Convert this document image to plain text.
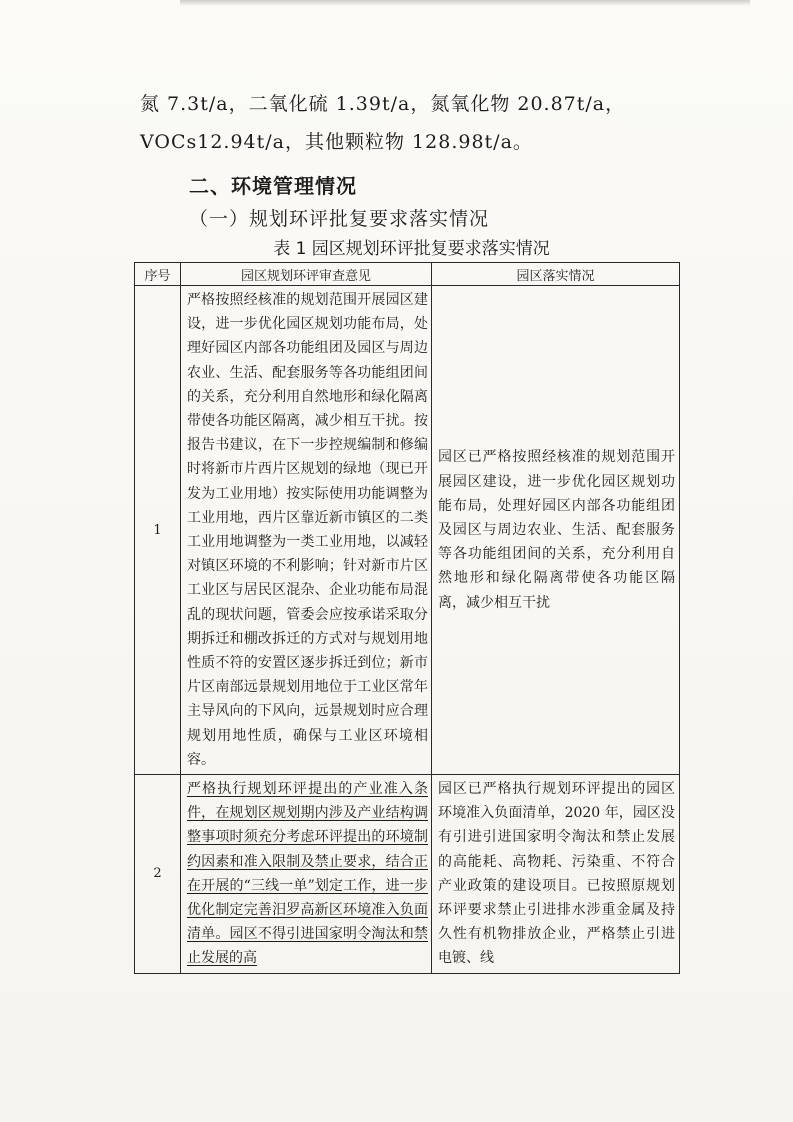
氮 7.3t/a，二氧化硫 1.39t/a，氮氧化物 20.87t/a，
VOCs12.94t/a，其他颗粒物 128.98t/a。
二、环境管理情况
（一）规划环评批复要求落实情况
表 1 园区规划环评批复要求落实情况
序号	园区规划环评审查意见	园区落实情况
1	严格按照经核准的规划范围开展园区建设，进一步优化园区规划功能布局，处理好园区内部各功能组团及园区与周边农业、生活、配套服务等各功能组团间的关系，充分利用自然地形和绿化隔离带使各功能区隔离，减少相互干扰。按报告书建议，在下一步控规编制和修编时将新市片西片区规划的绿地（现已开发为工业用地）按实际使用功能调整为工业用地，西片区靠近新市镇区的二类工业用地调整为一类工业用地，以减轻对镇区环境的不利影响；针对新市片区工业区与居民区混杂、企业功能布局混乱的现状问题，管委会应按承诺采取分期拆迁和棚改拆迁的方式对与规划用地性质不符的安置区逐步拆迁到位；新市片区南部远景规划用地位于工业区常年主导风向的下风向，远景规划时应合理规划用地性质，确保与工业区环境相容。	园区已严格按照经核准的规划范围开展园区建设，进一步优化园区规划功能布局，处理好园区内部各功能组团及园区与周边农业、生活、配套服务等各功能组团间的关系，充分利用自然地形和绿化隔离带使各功能区隔离，减少相互干扰
2	严格执行规划环评提出的产业准入条件，在规划区规划期内涉及产业结构调整事项时须充分考虑环评提出的环境制约因素和准入限制及禁止要求，结合正在开展的“三线一单”划定工作，进一步优化制定完善汨罗高新区环境准入负面清单。园区不得引进国家明令淘汰和禁止发展的高	园区已严格执行规划环评提出的园区环境准入负面清单，2020 年，园区没有引进引进国家明令淘汰和禁止发展的高能耗、高物耗、污染重、不符合产业政策的建设项目。已按照原规划环评要求禁止引进排水涉重金属及持久性有机物排放企业，严格禁止引进电镀、线
